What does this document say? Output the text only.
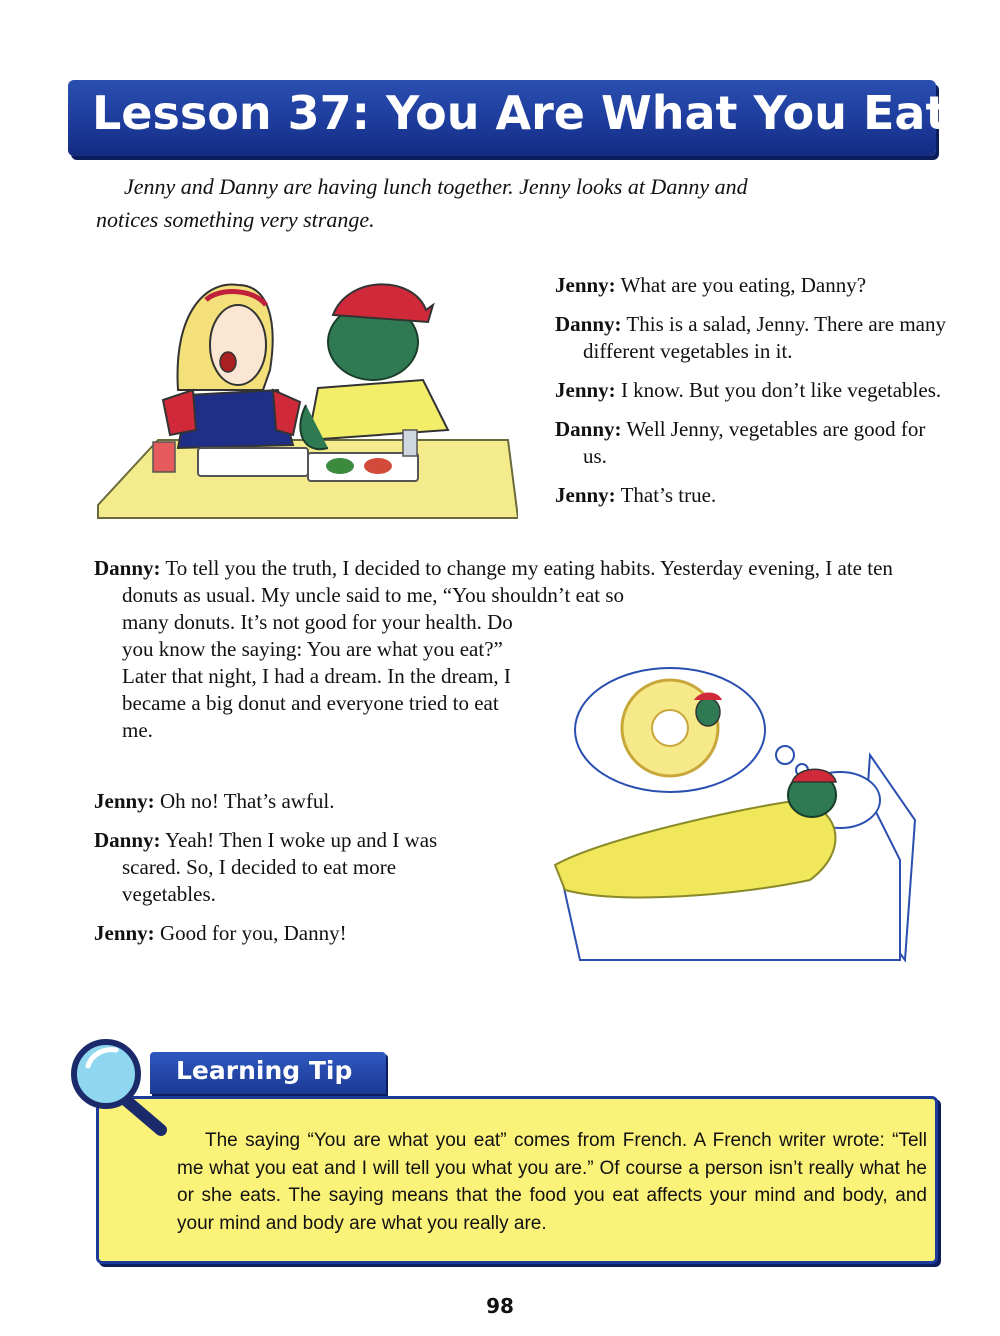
Lesson 37: You Are What You Eat!
Jenny and Danny are having lunch together. Jenny looks at Danny and
notices something very strange.

Jenny: What are you eating, Danny?

Danny: This is a salad, Jenny. There are many different vegetables in it.

Jenny: I know. But you don’t like vegetables.

Danny: Well Jenny, vegetables are good for us.

Jenny: That’s true.

Danny: To tell you the truth, I decided to change my eating habits. Yesterday evening, I ate ten donuts as usual. My uncle said to me, “You shouldn’t eat so

many donuts. It’s not good for your health. Do you know the saying: You are what you eat?” Later that night, I had a dream. In the dream, I became a big donut and everyone tried to eat me.

Jenny: Oh no! That’s awful.

Danny: Yeah! Then I woke up and I was scared. So, I decided to eat more vegetables.

Jenny: Good for you, Danny!

The saying “You are what you eat” comes from French. A French writer wrote: “Tell me what you eat and I will tell you what you are.” Of course a person isn’t really what he or she eats. The saying means that the food you eat affects your mind and body, and your mind and body are what you really are.
Learning Tip
98
